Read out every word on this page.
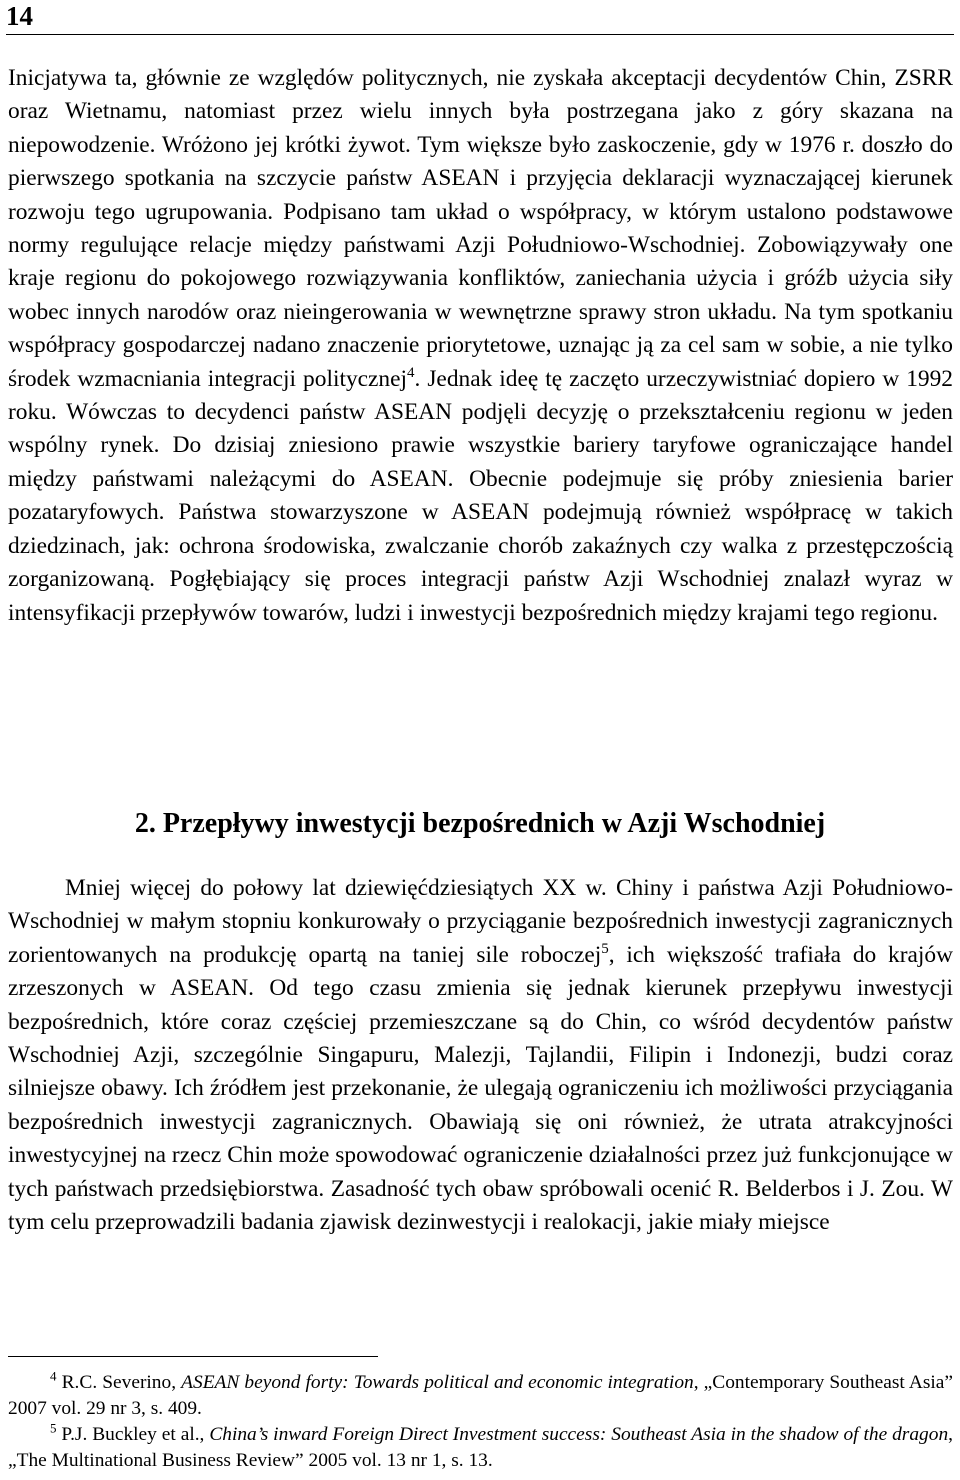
14

Inicjatywa ta, głównie ze względów politycznych, nie zyskała akceptacji decydentów Chin, ZSRR oraz Wietnamu, natomiast przez wielu innych była postrzegana jako z góry skazana na niepowodzenie. Wróżono jej krótki żywot. Tym większe było zaskoczenie, gdy w 1976 r. doszło do pierwszego spotkania na szczycie państw ASEAN i przyjęcia deklaracji wyznaczającej kierunek rozwoju tego ugrupowania. Podpisano tam układ o współpracy, w którym ustalono podstawowe normy regulujące relacje między państwami Azji Południowo-Wschodniej. Zobowiązywały one kraje regionu do pokojowego rozwiązywania konfliktów, zaniechania użycia i gróźb użycia siły wobec innych narodów oraz nieingerowania w wewnętrzne sprawy stron układu. Na tym spotkaniu współpracy gospodarczej nadano znaczenie priorytetowe, uznając ją za cel sam w sobie, a nie tylko środek wzmacniania integracji politycznej$^4$. Jednak ideę tę zaczęto urzeczywistniać dopiero w 1992 roku. Wówczas to decydenci państw ASEAN podjęli decyzję o przekształceniu regionu w jeden wspólny rynek. Do dzisiaj zniesiono prawie wszystkie bariery taryfowe ograniczające handel między państwami należącymi do ASEAN. Obecnie podejmuje się próby zniesienia barier pozataryfowych. Państwa stowarzyszone w ASEAN podejmują również współpracę w takich dziedzinach, jak: ochrona środowiska, zwalczanie chorób zakaźnych czy walka z przestępczością zorganizowaną. Pogłębiający się proces integracji państw Azji Wschodniej znalazł wyraz w intensyfikacji przepływów towarów, ludzi i inwestycji bezpośrednich między krajami tego regionu.

2. Przepływy inwestycji bezpośrednich w Azji Wschodniej

Mniej więcej do połowy lat dziewięćdziesiątych XX w. Chiny i państwa Azji Południowo-Wschodniej w małym stopniu konkurowały o przyciąganie bezpośrednich inwestycji zagranicznych zorientowanych na produkcję opartą na taniej sile roboczej$^5$, ich większość trafiała do krajów zrzeszonych w ASEAN. Od tego czasu zmienia się jednak kierunek przepływu inwestycji bezpośrednich, które coraz częściej przemieszczane są do Chin, co wśród decydentów państw Wschodniej Azji, szczególnie Singapuru, Malezji, Tajlandii, Filipin i Indonezji, budzi coraz silniejsze obawy. Ich źródłem jest przekonanie, że ulegają ograniczeniu ich możliwości przyciągania bezpośrednich inwestycji zagranicznych. Obawiają się oni również, że utrata atrakcyjności inwestycyjnej na rzecz Chin może spowodować ograniczenie działalności przez już funkcjonujące w tych państwach przedsiębiorstwa. Zasadność tych obaw spróbowali ocenić R. Belderbos i J. Zou. W tym celu przeprowadzili badania zjawisk dezinwestycji i realokacji, jakie miały miejsce

$^4$ R.C. Severino, ASEAN beyond forty: Towards political and economic integration, „Contemporary Southeast Asia” 2007 vol. 29 nr 3, s. 409.

$^5$ P.J. Buckley et al., China’s inward Foreign Direct Investment success: Southeast Asia in the shadow of the dragon, „The Multinational Business Review” 2005 vol. 13 nr 1, s. 13.
